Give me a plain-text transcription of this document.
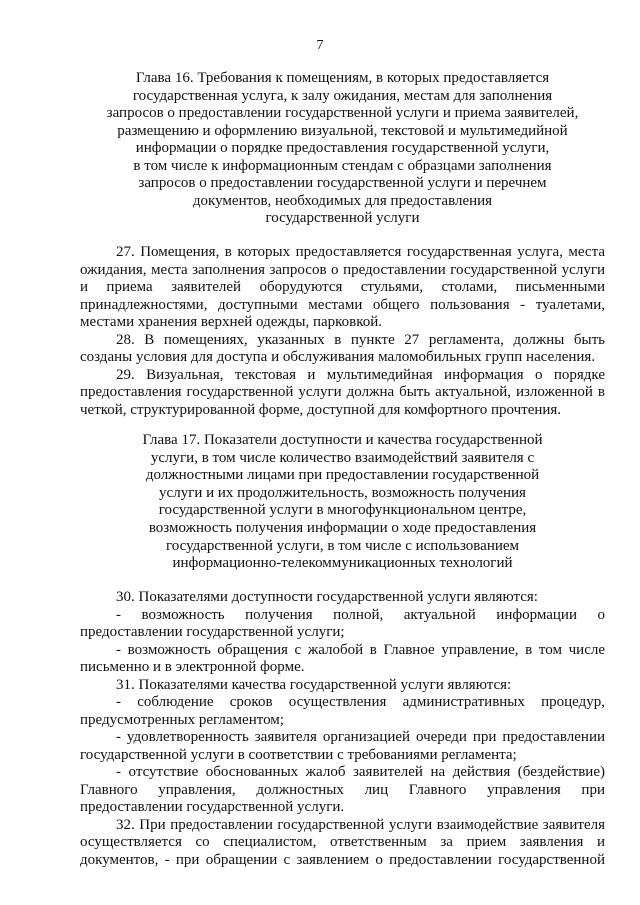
7
Глава 16. Требования к помещениям, в которых предоставляется
государственная услуга, к залу ожидания, местам для заполнения
запросов о предоставлении государственной услуги и приема заявителей,
размещению и оформлению визуальной, текстовой и мультимедийной
информации о порядке предоставления государственной услуги,
в том числе к информационным стендам с образцами заполнения
запросов о предоставлении государственной услуги и перечнем
документов, необходимых для предоставления
государственной услуги
27. Помещения, в которых предоставляется государственная услуга, места
ожидания, места заполнения запросов о предоставлении государственной услуги
и приема заявителей оборудуются стульями, столами, письменными
принадлежностями, доступными местами общего пользования - туалетами,
местами хранения верхней одежды, парковкой.
28. В помещениях, указанных в пункте 27 регламента, должны быть
созданы условия для доступа и обслуживания маломобильных групп населения.
29. Визуальная, текстовая и мультимедийная информация о порядке
предоставления государственной услуги должна быть актуальной, изложенной в
четкой, структурированной форме, доступной для комфортного прочтения.
Глава 17. Показатели доступности и качества государственной
услуги, в том числе количество взаимодействий заявителя с
должностными лицами при предоставлении государственной
услуги и их продолжительность, возможность получения
государственной услуги в многофункциональном центре,
возможность получения информации о ходе предоставления
государственной услуги, в том числе с использованием
информационно-телекоммуникационных технологий
30. Показателями доступности государственной услуги являются:
- возможность получения полной, актуальной информации о
предоставлении государственной услуги;
- возможность обращения с жалобой в Главное управление, в том числе
письменно и в электронной форме.
31. Показателями качества государственной услуги являются:
- соблюдение сроков осуществления административных процедур,
предусмотренных регламентом;
- удовлетворенность заявителя организацией очереди при предоставлении
государственной услуги в соответствии с требованиями регламента;
- отсутствие обоснованных жалоб заявителей на действия (бездействие)
Главного управления, должностных лиц Главного управления при
предоставлении государственной услуги.
32. При предоставлении государственной услуги взаимодействие заявителя
осуществляется со специалистом, ответственным за прием заявления и
документов, - при обращении с заявлением о предоставлении государственной
